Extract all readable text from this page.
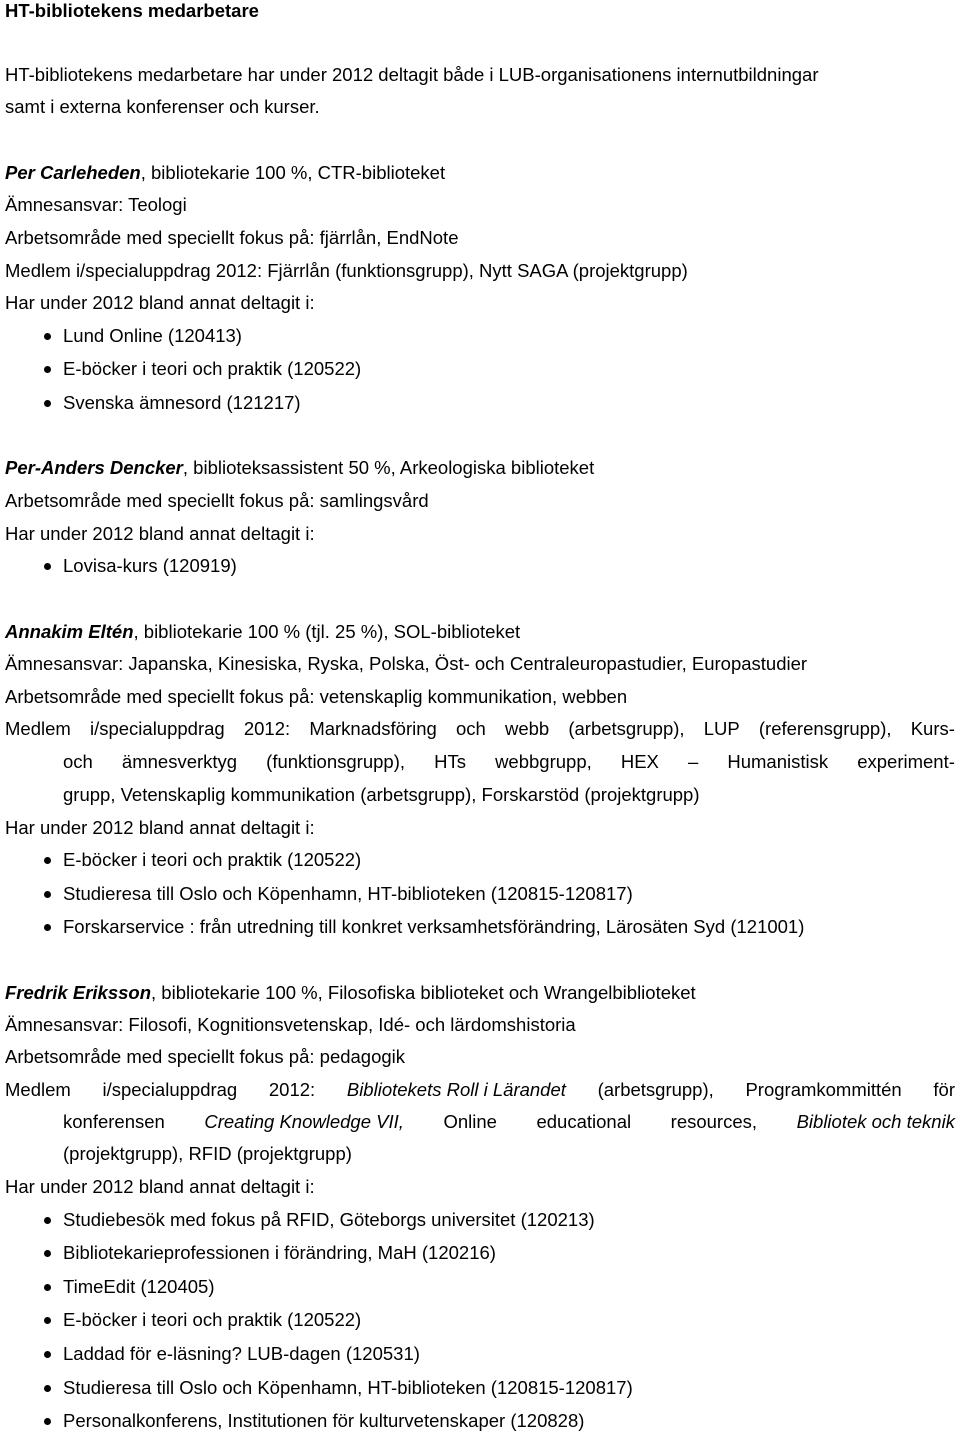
HT-bibliotekens medarbetare
HT-bibliotekens medarbetare har under 2012 deltagit både i LUB-organisationens internutbildningar
samt i externa konferenser och kurser.
Per Carleheden, bibliotekarie 100 %, CTR-biblioteket
Ämnesansvar: Teologi
Arbetsområde med speciellt fokus på: fjärrlån, EndNote
Medlem i/specialuppdrag 2012: Fjärrlån (funktionsgrupp), Nytt SAGA (projektgrupp)
Har under 2012 bland annat deltagit i:
Lund Online (120413)
E-böcker i teori och praktik (120522)
Svenska ämnesord (121217)
Per-Anders Dencker, biblioteksassistent 50 %, Arkeologiska biblioteket
Arbetsområde med speciellt fokus på: samlingsvård
Har under 2012 bland annat deltagit i:
Lovisa-kurs (120919)
Annakim Eltén, bibliotekarie 100 % (tjl. 25 %), SOL-biblioteket
Ämnesansvar: Japanska, Kinesiska, Ryska, Polska, Öst- och Centraleuropastudier, Europastudier
Arbetsområde med speciellt fokus på: vetenskaplig kommunikation, webben
Medlem i/specialuppdrag 2012: Marknadsföring och webb (arbetsgrupp), LUP (referensgrupp), Kurs-
och ämnesverktyg (funktionsgrupp), HTs webbgrupp, HEX – Humanistisk experiment-
grupp, Vetenskaplig kommunikation (arbetsgrupp), Forskarstöd (projektgrupp)
Har under 2012 bland annat deltagit i:
E-böcker i teori och praktik (120522)
Studieresa till Oslo och Köpenhamn, HT-biblioteken (120815-120817)
Forskarservice : från utredning till konkret verksamhetsförändring, Lärosäten Syd (121001)
Fredrik Eriksson, bibliotekarie 100 %, Filosofiska biblioteket och Wrangelbiblioteket
Ämnesansvar: Filosofi, Kognitionsvetenskap, Idé- och lärdomshistoria
Arbetsområde med speciellt fokus på: pedagogik
Medlem i/specialuppdrag 2012: Bibliotekets Roll i Lärandet (arbetsgrupp), Programkommittén för
konferensen Creating Knowledge VII, Online educational resources, Bibliotek och teknik
(projektgrupp), RFID (projektgrupp)
Har under 2012 bland annat deltagit i:
Studiebesök med fokus på RFID, Göteborgs universitet (120213)
Bibliotekarieprofessionen i förändring, MaH (120216)
TimeEdit (120405)
E-böcker i teori och praktik (120522)
Laddad för e-läsning? LUB-dagen (120531)
Studieresa till Oslo och Köpenhamn, HT-biblioteken (120815-120817)
Personalkonferens, Institutionen för kulturvetenskaper (120828)
